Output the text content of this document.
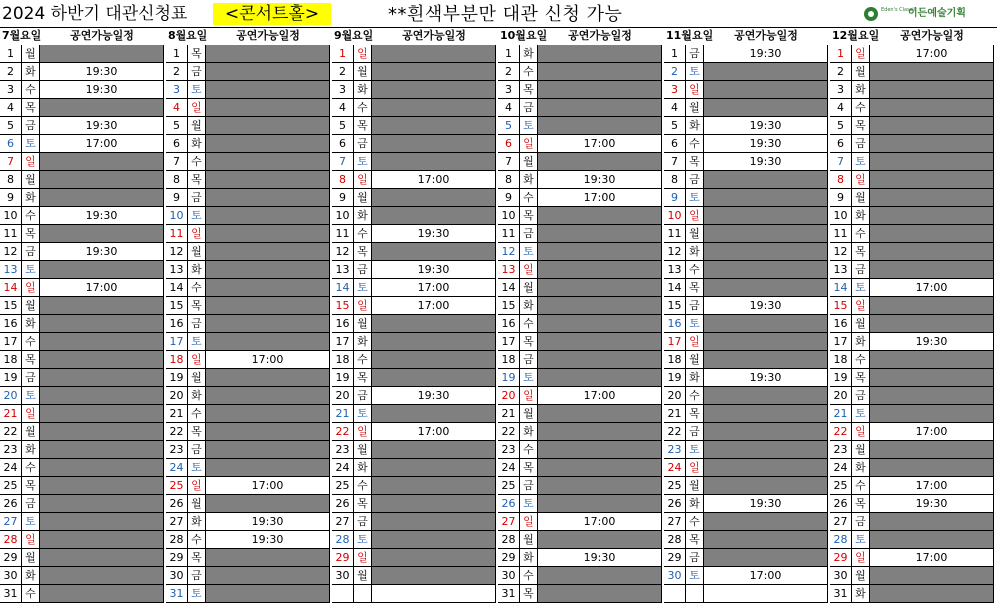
2024 하반기 대관신청표	<콘서트홀>	**흰색부분만 대관 신청 가능	Eden's Classic
이든예술기획
7월 요일	공연가능일정
1	월
2	화	19:30
3	수	19:30
4	목
5	금	19:30
6	토	17:00
7	일
8	월
9	화
10 수	19:30
11 목
12 금	19:30
13 토
14 일	17:00
15 월
16 화
17 수
18 목
19 금
20 토
21 일
22 월
23 화
24 수
25 목
26 금
27 토
28 일
29 월
30 화
31 수
8월 요일	공연가능일정
1	목
2	금
3	토
4	일
5	월
6	화
7	수
8	목
9	금
10 토
11 일
12 월
13 화
14 수
15 목
16 금
17 토
18 일	17:00
19 월
20 화
21 수
22 목
23 금
24 토
25 일	17:00
26 월
27 화	19:30
28 수	19:30
29 목
30 금
31 토
9월 요일	공연가능일정
1	일
2	월
3	화
4	수
5	목
6	금
7	토
8	일	17:00
9	월
10 화
11 수	19:30
12 목
13 금	19:30
14 토	17:00
15 일	17:00
16 월
17 화
18 수
19 목
20 금	19:30
21 토
22 일	17:00
23 월
24 화
25 수
26 목
27 금
28 토
29 일
30 월
10월 요일	공연가능일정
1	화
2	수
3	목
4	금
5	토
6	일	17:00
7	월
8	화	19:30
9	수	17:00
10 목
11 금
12 토
13 일
14 월
15 화
16 수
17 목
18 금
19 토
20 일	17:00
21 월
22 화
23 수
24 목
25 금
26 토
27 일	17:00
28 월
29 화	19:30
30 수
31 목
11월 요일	공연가능일정
1	금	19:30
2	토
3	일
4	월
5	화	19:30
6	수	19:30
7	목	19:30
8	금
9	토
10 일
11 월
12 화
13 수
14 목
15 금	19:30
16 토
17 일
18 월
19 화	19:30
20 수
21 목
22 금
23 토
24 일
25 월
26 화	19:30
27 수
28 목
29 금
30 토	17:00
12월 요일	공연가능일정
1	일	17:00
2	월
3	화
4	수
5	목
6	금
7	토
8	일
9	월
10 화
11 수
12 목
13 금
14 토	17:00
15 일
16 월
17 화	19:30
18 수
19 목
20 금
21 토
22 일	17:00
23 월
24 화
25 수	17:00
26 목	19:30
27 금
28 토
29 일	17:00
30 월
31 화
